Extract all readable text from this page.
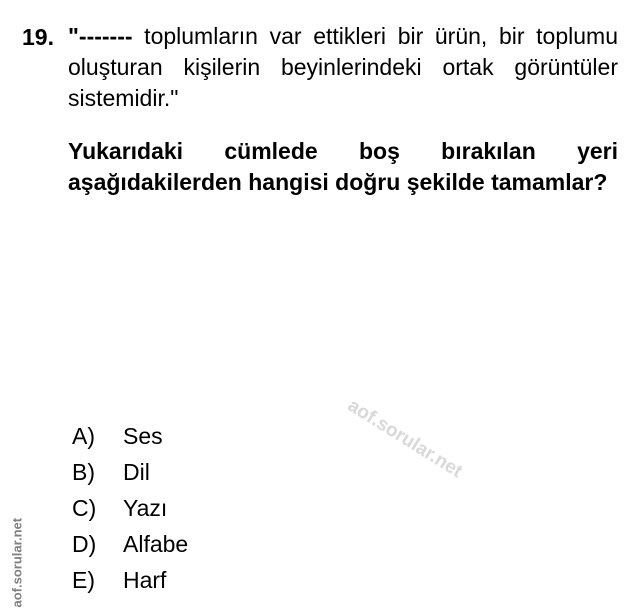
19. "------- toplumların var ettikleri bir ürün, bir toplumu oluşturan kişilerin beyinlerindeki ortak görüntüler sistemidir."
Yukarıdaki cümlede boş bırakılan yeri aşağıdakilerden hangisi doğru şekilde tamamlar?
aof.sorular.net
aof.sorular.net
A)	Ses
B)	Dil
C)	Yazı
D)	Alfabe
E)	Harf
